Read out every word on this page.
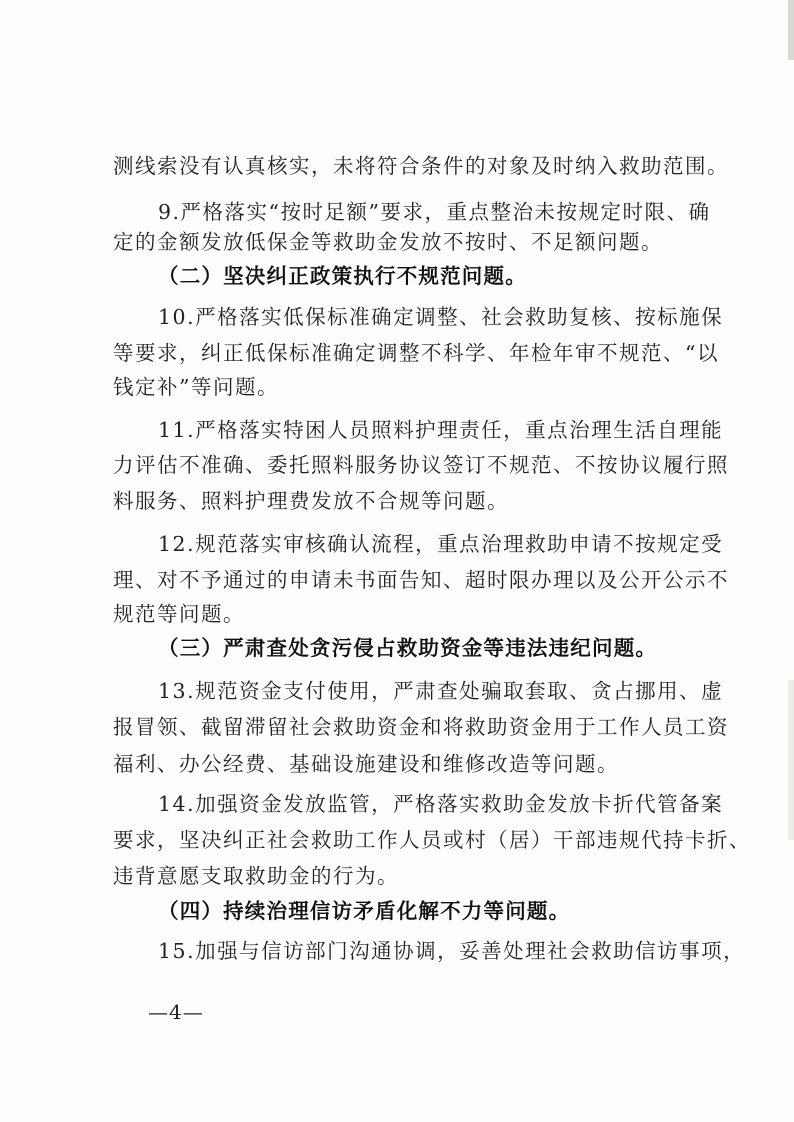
测线索没有认真核实，未将符合条件的对象及时纳入救助范围。
9.严格落实“按时足额”要求，重点整治未按规定时限、确
定的金额发放低保金等救助金发放不按时、不足额问题。
（二）坚决纠正政策执行不规范问题。
10.严格落实低保标准确定调整、社会救助复核、按标施保
等要求，纠正低保标准确定调整不科学、年检年审不规范、“以
钱定补”等问题。
11.严格落实特困人员照料护理责任，重点治理生活自理能
力评估不准确、委托照料服务协议签订不规范、不按协议履行照
料服务、照料护理费发放不合规等问题。
12.规范落实审核确认流程，重点治理救助申请不按规定受
理、对不予通过的申请未书面告知、超时限办理以及公开公示不
规范等问题。
（三）严肃查处贪污侵占救助资金等违法违纪问题。
13.规范资金支付使用，严肃查处骗取套取、贪占挪用、虚
报冒领、截留滞留社会救助资金和将救助资金用于工作人员工资
福利、办公经费、基础设施建设和维修改造等问题。
14.加强资金发放监管，严格落实救助金发放卡折代管备案
要求，坚决纠正社会救助工作人员或村（居）干部违规代持卡折、
违背意愿支取救助金的行为。
（四）持续治理信访矛盾化解不力等问题。
15.加强与信访部门沟通协调，妥善处理社会救助信访事项，
—4—
